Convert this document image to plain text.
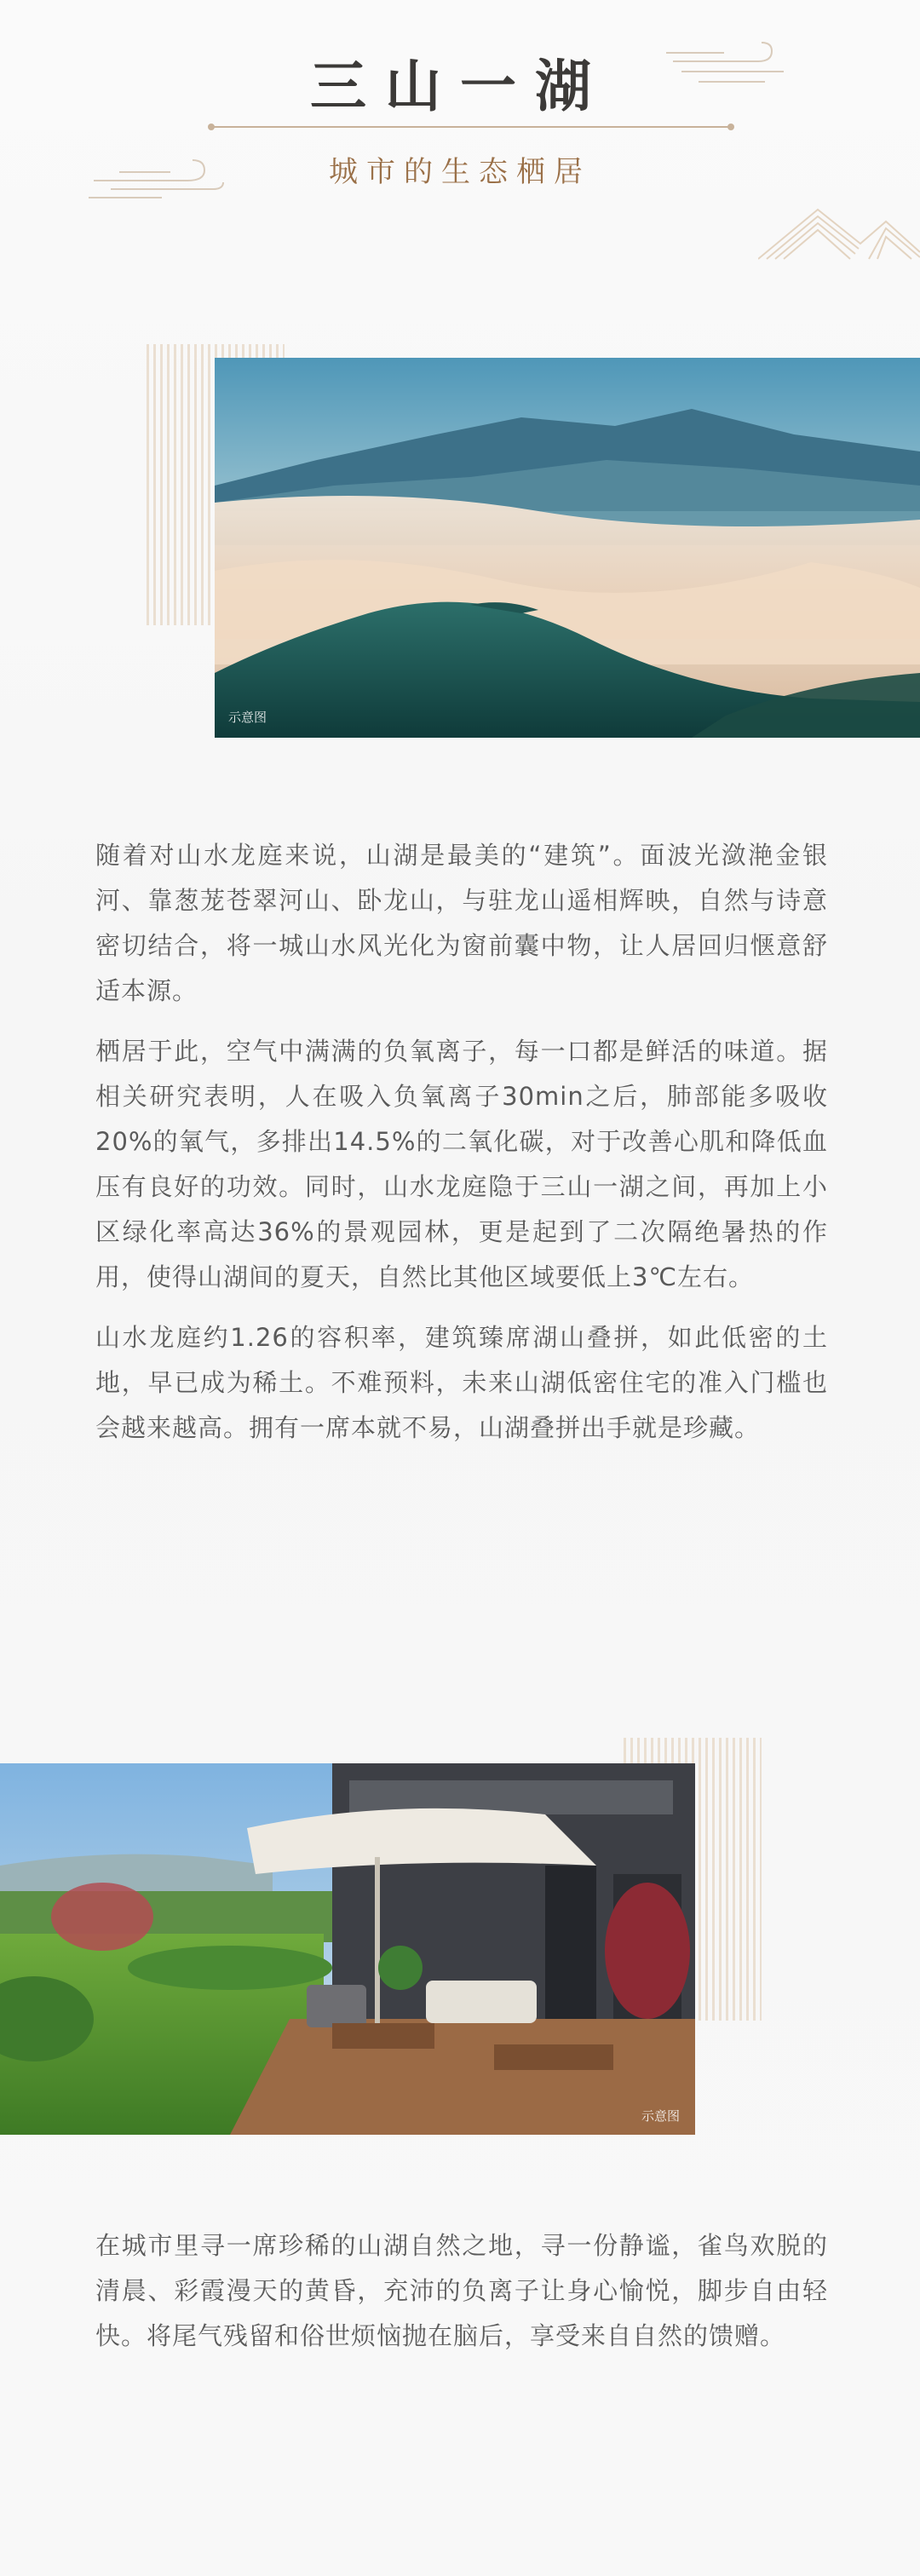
三山一湖
城市的生态栖居
示意图

随着对山水龙庭来说，山湖是最美的“建筑”。面波光潋滟金银河、靠葱茏苍翠河山、卧龙山，与驻龙山遥相辉映，自然与诗意密切结合，将一城山水风光化为窗前囊中物，让人居回归惬意舒适本源。

栖居于此，空气中满满的负氧离子，每一口都是鲜活的味道。据相关研究表明，人在吸入负氧离子30min之后，肺部能多吸收20%的氧气，多排出14.5%的二氧化碳，对于改善心肌和降低血压有良好的功效。同时，山水龙庭隐于三山一湖之间，再加上小区绿化率高达36%的景观园林，更是起到了二次隔绝暑热的作用，使得山湖间的夏天，自然比其他区域要低上3℃左右。

山水龙庭约1.26的容积率，建筑臻席湖山叠拼，如此低密的土地，早已成为稀土。不难预料，未来山湖低密住宅的准入门槛也会越来越高。拥有一席本就不易，山湖叠拼出手就是珍藏。

示意图

在城市里寻一席珍稀的山湖自然之地，寻一份静谧，雀鸟欢脱的清晨、彩霞漫天的黄昏，充沛的负离子让身心愉悦，脚步自由轻快。将尾气残留和俗世烦恼抛在脑后，享受来自自然的馈赠。
